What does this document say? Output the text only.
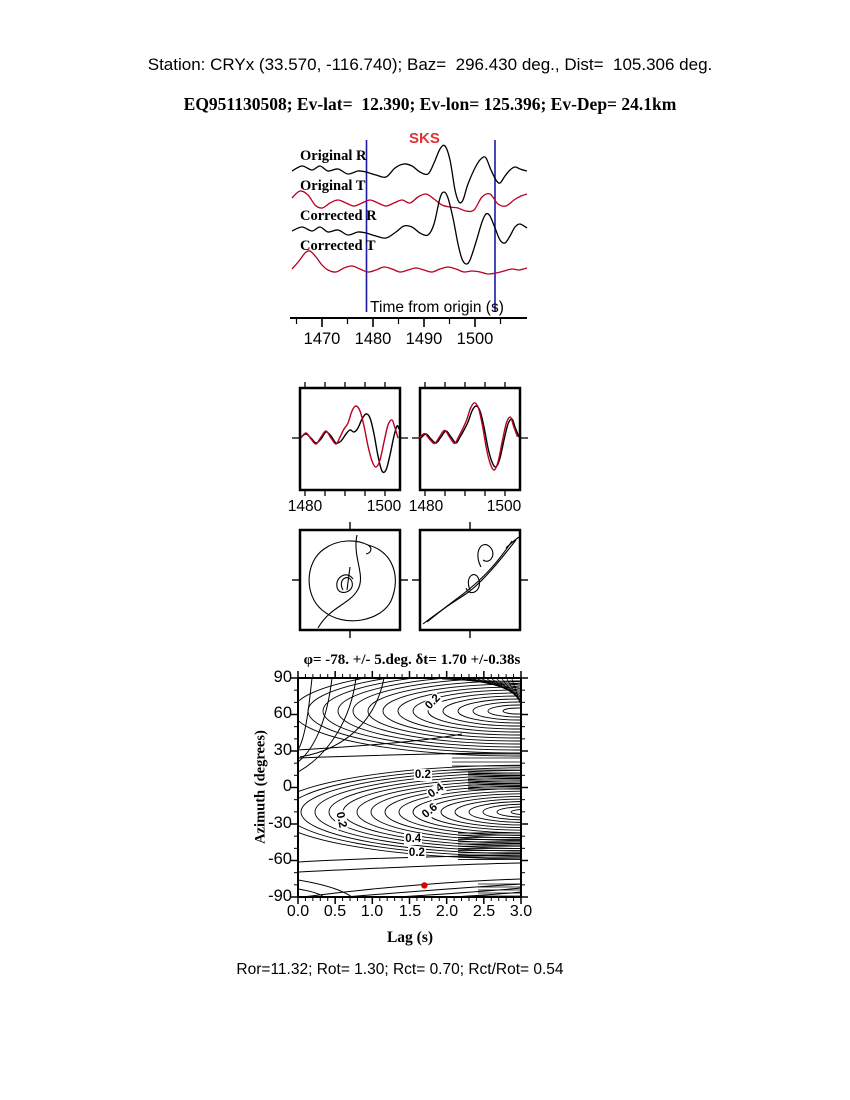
Station: CRYx (33.570, -116.740); Baz=  296.430 deg., Dist=  105.306 deg.
EQ951130508; Ev-lat=  12.390; Ev-lon= 125.396; Ev-Dep= 24.1km
SKS
Original R
Original T
Corrected R
Corrected T
Time from origin (s)
1470 1480 1490 1500
1480	1500 1480	1500
φ= -78. +/- 5.deg. δt= 1.70 +/-0.38s
Azimuth (degrees)
90
60
30
0
-30
-60
-90
0.0 0.5 1.0 1.5 2.0 2.5 3.0
Lag (s)
0.2
0.2
0.2
0.4
0.6
0.4
0.2
Ror=11.32; Rot= 1.30; Rct= 0.70; Rct/Rot= 0.54
